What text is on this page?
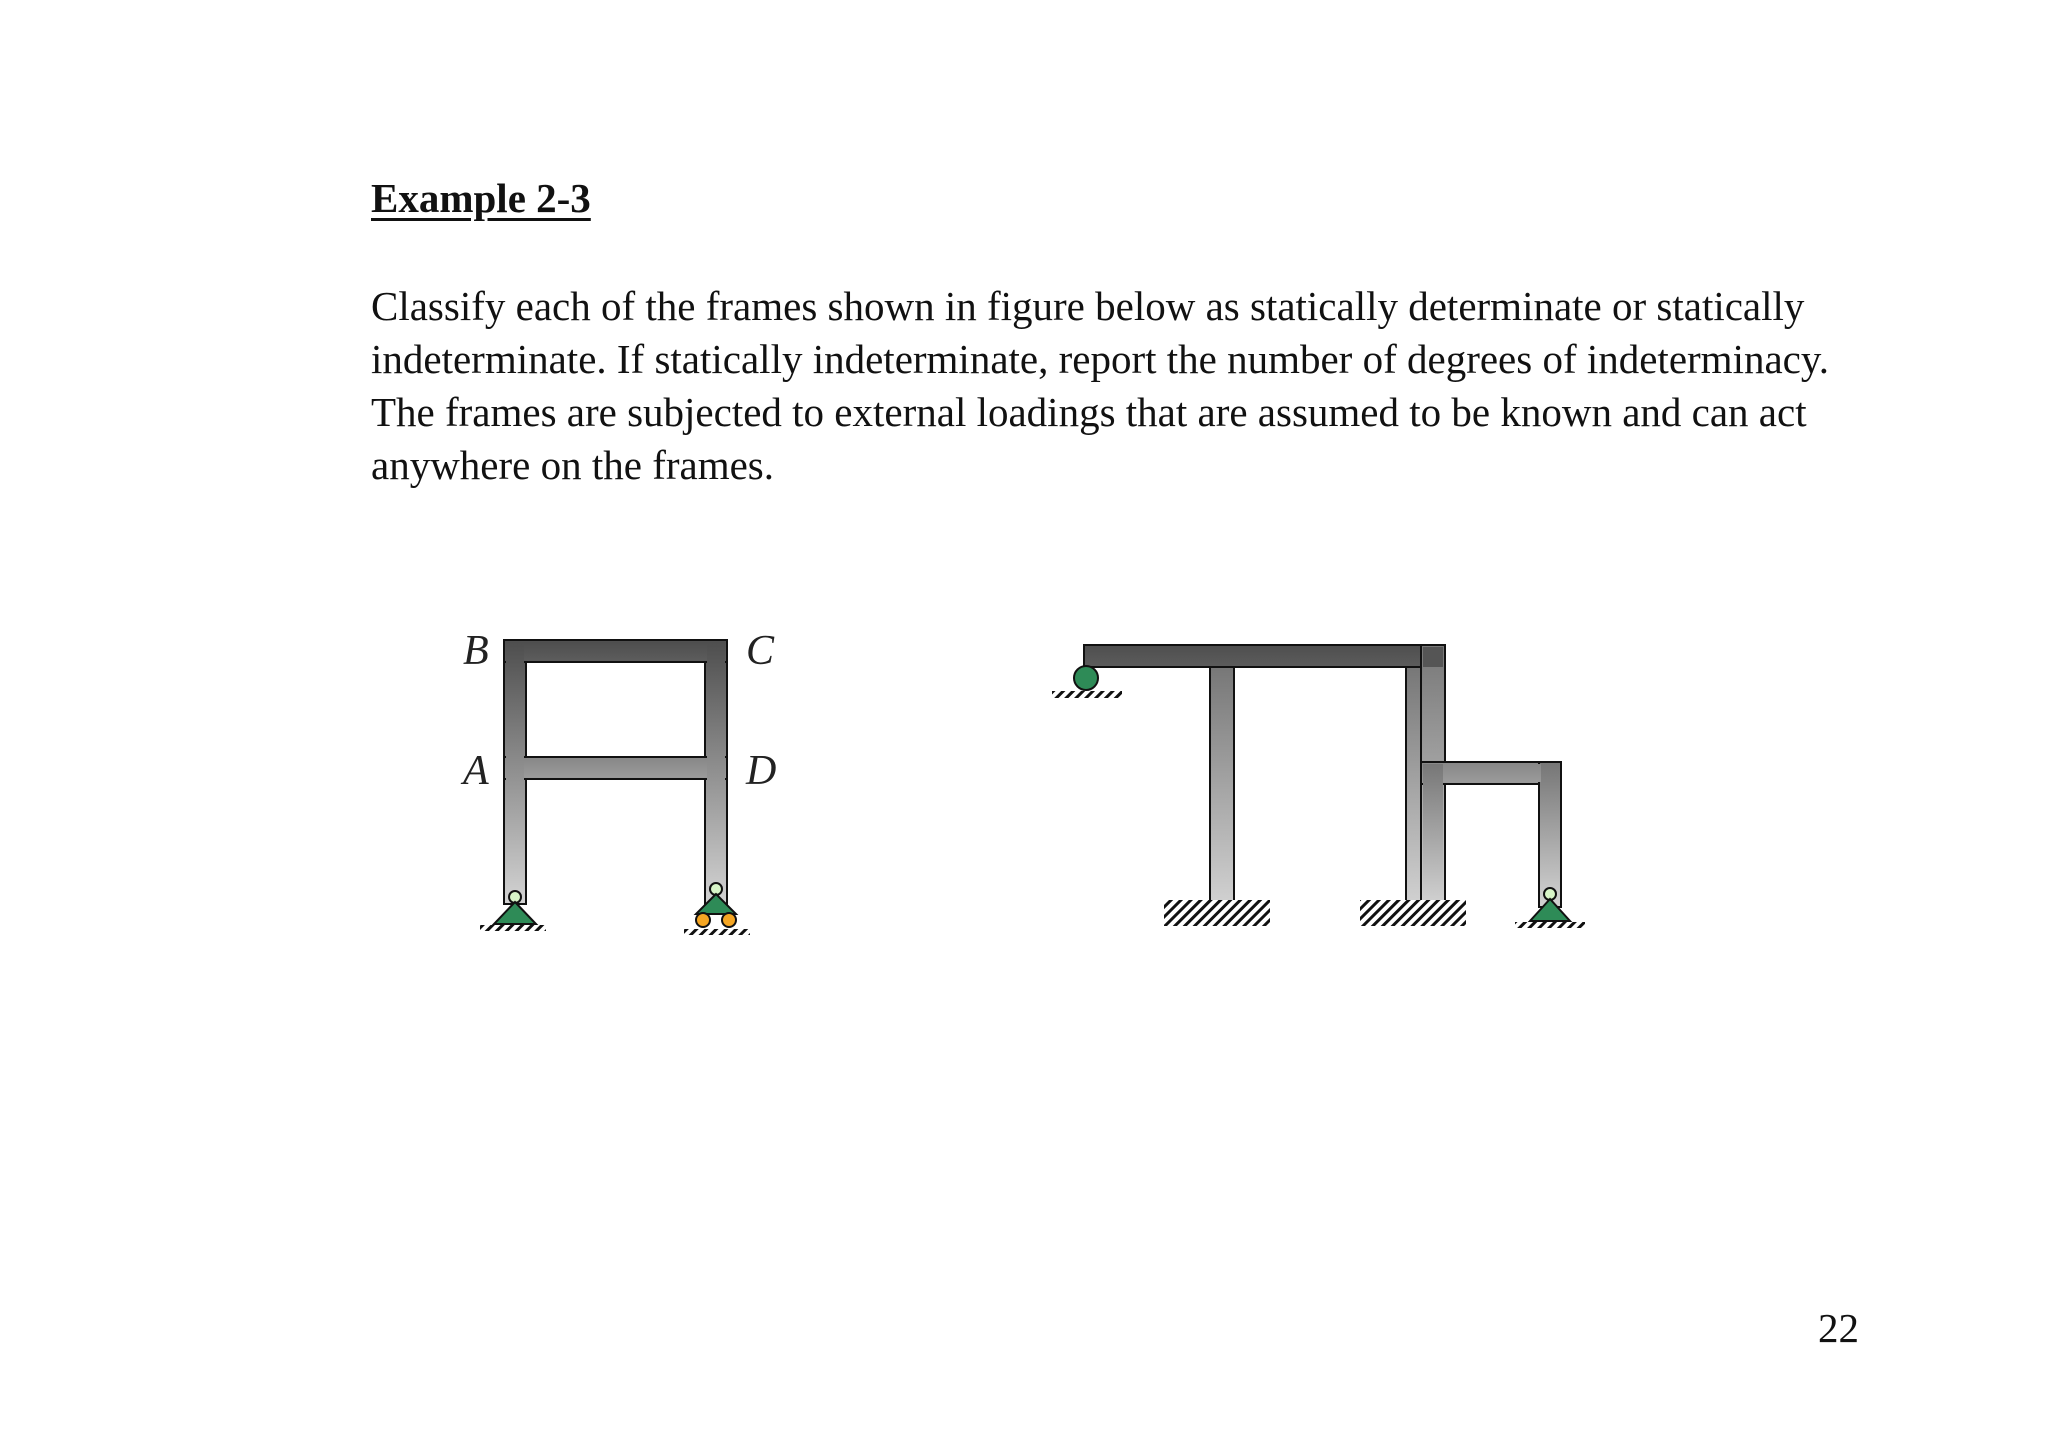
Example 2-3

Classify each of the frames shown in figure below as statically determinate or statically indeterminate. If statically indeterminate, report the number of degrees of indeterminacy. The frames are subjected to external loadings that are assumed to be known and can act anywhere on the frames.

B	C
A	D
22
